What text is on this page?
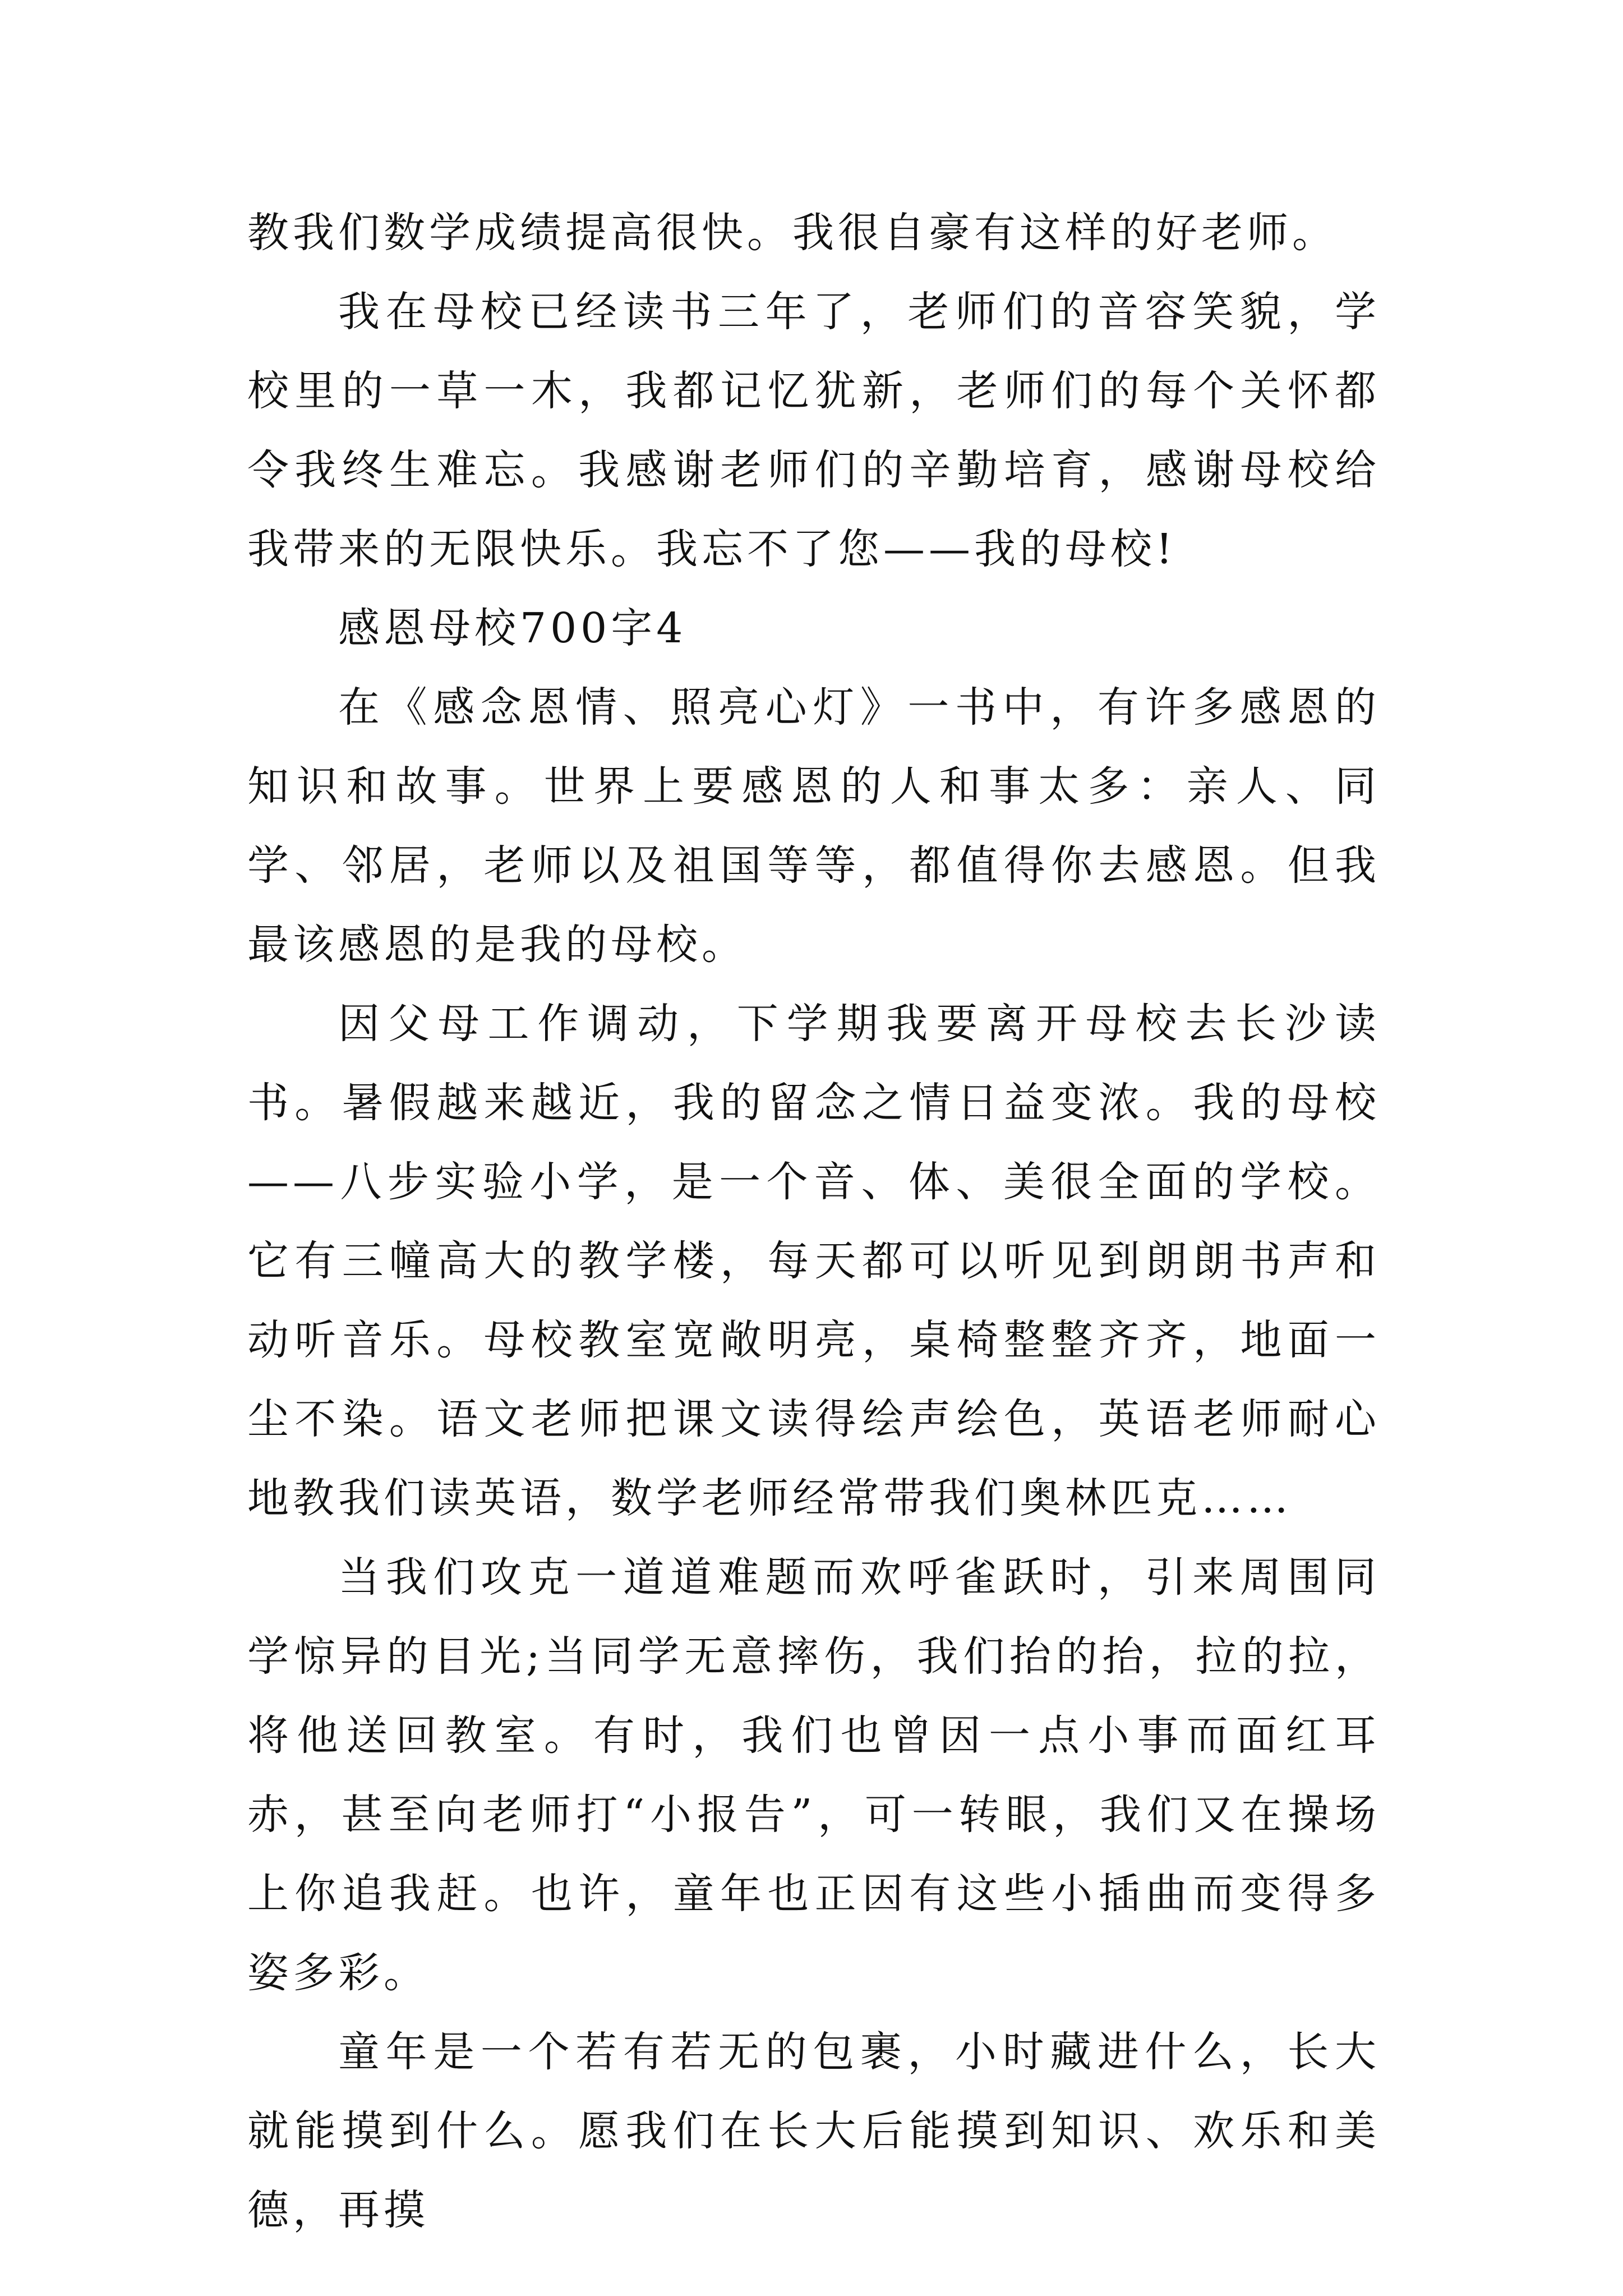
教我们数学成绩提高很快。我很自豪有这样的好老师。

我在母校已经读书三年了，老师们的音容笑貌，学校里的一草一木，我都记忆犹新，老师们的每个关怀都令我终生难忘。我感谢老师们的辛勤培育，感谢母校给我带来的无限快乐。我忘不了您——我的母校!

感恩母校700字4

在《感念恩情、照亮心灯》一书中，有许多感恩的知识和故事。世界上要感恩的人和事太多：亲人、同学、邻居，老师以及祖国等等，都值得你去感恩。但我最该感恩的是我的母校。

因父母工作调动，下学期我要离开母校去长沙读书。暑假越来越近，我的留念之情日益变浓。我的母校——八步实验小学，是一个音、体、美很全面的学校。它有三幢高大的教学楼，每天都可以听见到朗朗书声和动听音乐。母校教室宽敞明亮，桌椅整整齐齐，地面一尘不染。语文老师把课文读得绘声绘色，英语老师耐心地教我们读英语，数学老师经常带我们奥林匹克……

当我们攻克一道道难题而欢呼雀跃时，引来周围同学惊异的目光;当同学无意摔伤，我们抬的抬，拉的拉，将他送回教室。有时，我们也曾因一点小事而面红耳赤，甚至向老师打“小报告”，可一转眼，我们又在操场上你追我赶。也许，童年也正因有这些小插曲而变得多姿多彩。

童年是一个若有若无的包裹，小时藏进什么，长大就能摸到什么。愿我们在长大后能摸到知识、欢乐和美德，再摸
